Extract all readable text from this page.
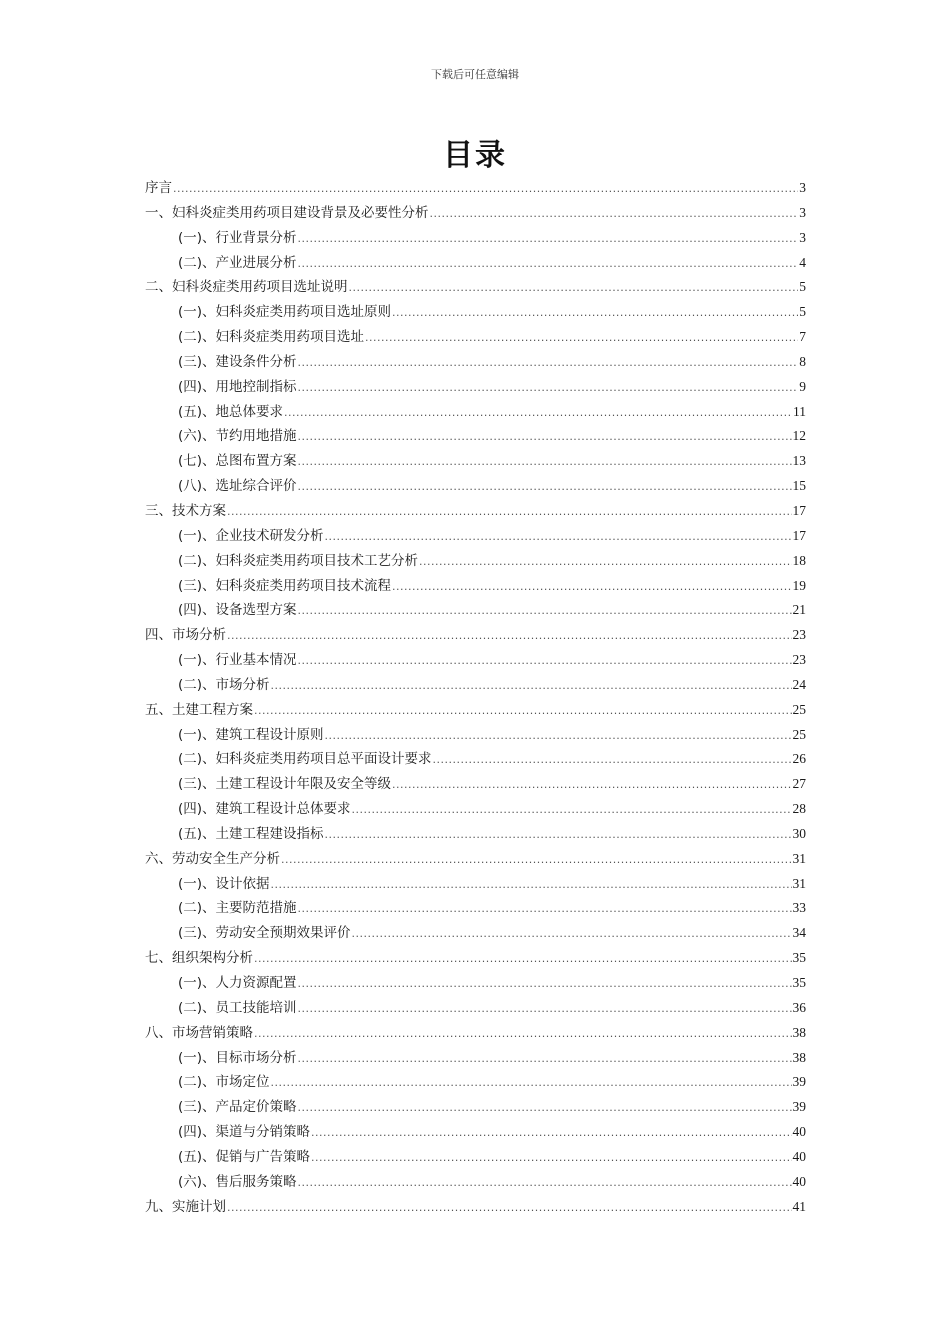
下载后可任意编辑
目录
序言 .....	3
一、妇科炎症类用药项目建设背景及必要性分析 .....	3
(一)、行业背景分析 .....	3
(二)、产业进展分析 .....	4
二、妇科炎症类用药项目选址说明 .....	5
(一)、妇科炎症类用药项目选址原则 .....	5
(二)、妇科炎症类用药项目选址 .....	7
(三)、建设条件分析 .....	8
(四)、用地控制指标 .....	9
(五)、地总体要求 .....	11
(六)、节约用地措施 .....	12
(七)、总图布置方案 .....	13
(八)、选址综合评价 .....	15
三、技术方案 .....	17
(一)、企业技术研发分析 .....	17
(二)、妇科炎症类用药项目技术工艺分析 .....	18
(三)、妇科炎症类用药项目技术流程 .....	19
(四)、设备选型方案 .....	21
四、市场分析 .....	23
(一)、行业基本情况 .....	23
(二)、市场分析 .....	24
五、土建工程方案 .....	25
(一)、建筑工程设计原则 .....	25
(二)、妇科炎症类用药项目总平面设计要求 .....	26
(三)、土建工程设计年限及安全等级 .....	27
(四)、建筑工程设计总体要求 .....	28
(五)、土建工程建设指标 .....	30
六、劳动安全生产分析 .....	31
(一)、设计依据 .....	31
(二)、主要防范措施 .....	33
(三)、劳动安全预期效果评价 .....	34
七、组织架构分析 .....	35
(一)、人力资源配置 .....	35
(二)、员工技能培训 .....	36
八、市场营销策略 .....	38
(一)、目标市场分析 .....	38
(二)、市场定位 .....	39
(三)、产品定价策略 .....	39
(四)、渠道与分销策略 .....	40
(五)、促销与广告策略 .....	40
(六)、售后服务策略 .....	40
九、实施计划 .....	41
